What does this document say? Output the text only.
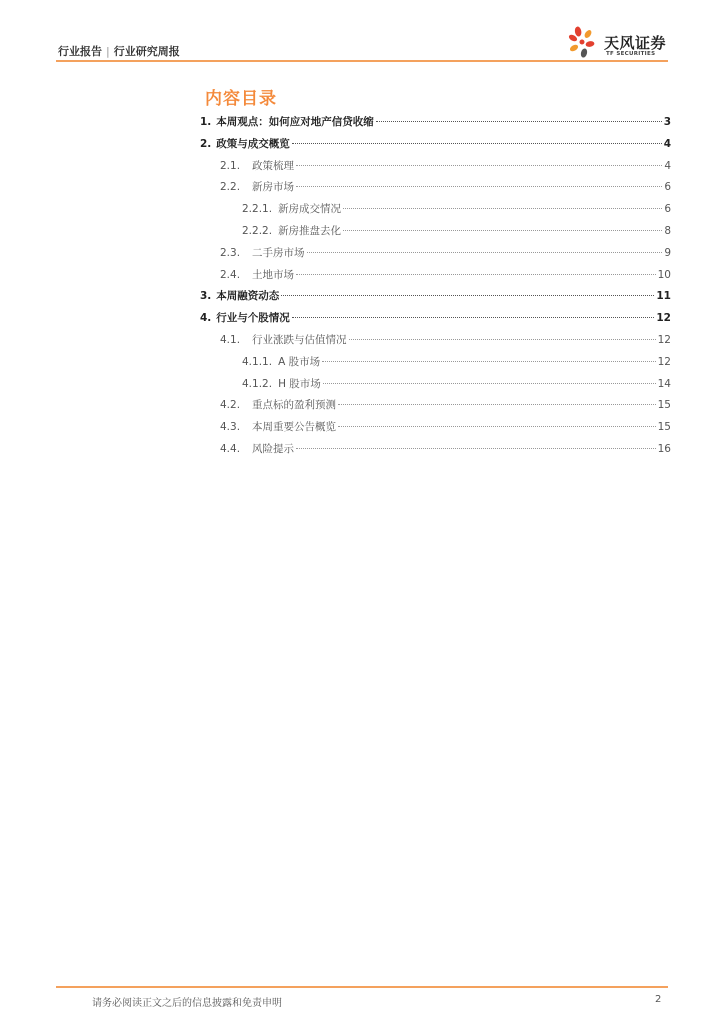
行业报告 | 行业研究周报	天风证券
TF SECURITIES
内容目录
1. 本周观点：如何应对地产信贷收缩	3
2. 政策与成交概览	4
2.1. 政策梳理	4
2.2. 新房市场	6
2.2.1. 新房成交情况	6
2.2.2. 新房推盘去化	8
2.3. 二手房市场	9
2.4. 土地市场	10
3. 本周融资动态	11
4. 行业与个股情况	12
4.1. 行业涨跌与估值情况	12
4.1.1. A 股市场	12
4.1.2. H 股市场	14
4.2. 重点标的盈利预测	15
4.3. 本周重要公告概览	15
4.4. 风险提示	16
请务必阅读正文之后的信息披露和免责申明	2
